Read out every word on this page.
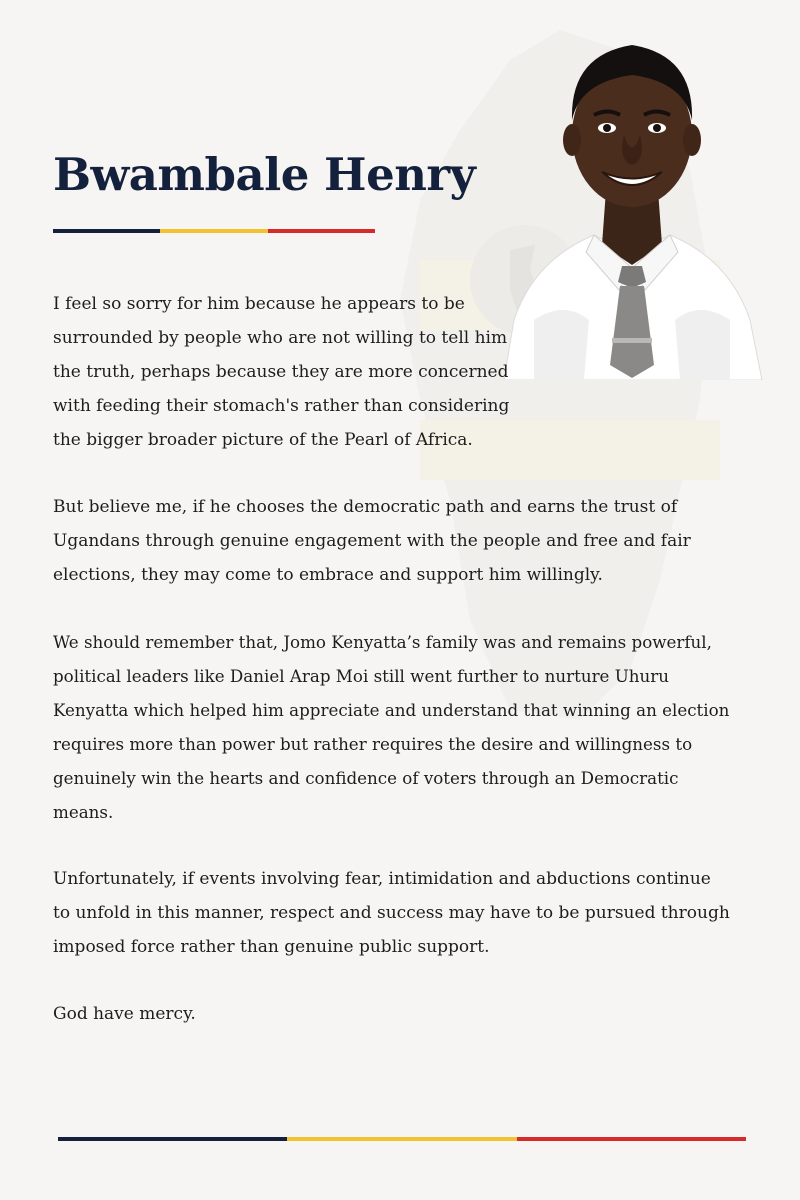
Bwambale Henry

I feel so sorry for him because he appears to be surrounded by people who are not willing to tell him the truth, perhaps because they are more concerned with feeding their stomach's rather than considering the bigger broader picture of the Pearl of Africa.

But believe me, if he chooses the democratic path and earns the trust of Ugandans through genuine engagement with the people and free and fair elections, they may come to embrace and support him willingly.

We should remember that, Jomo Kenyatta’s family was and remains powerful, political leaders like Daniel Arap Moi still went further to nurture Uhuru Kenyatta which helped him appreciate and understand that winning an election requires more than power but rather requires the desire and willingness to genuinely win the hearts and confidence of voters through an Democratic means.

Unfortunately, if events involving fear, intimidation and abductions continue to unfold in this manner, respect and success may have to be pursued through imposed force rather than genuine public support.

God have mercy.
